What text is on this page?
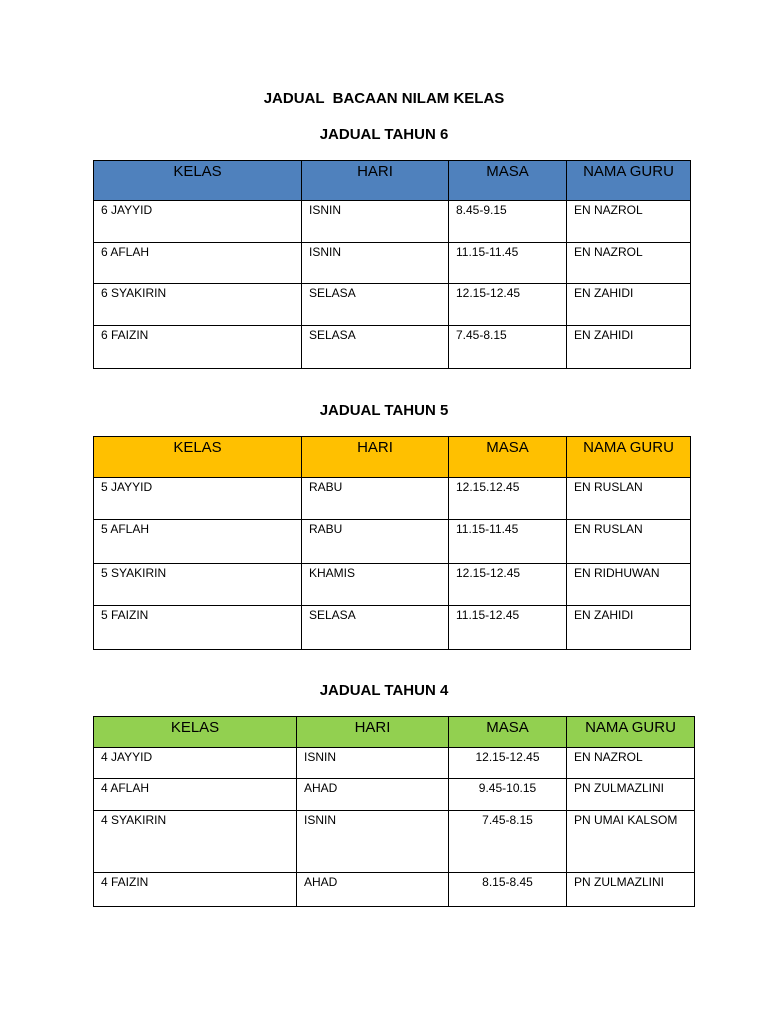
JADUAL  BACAAN NILAM KELAS
JADUAL TAHUN 6
KELAS	HARI	MASA	NAMA GURU
6 JAYYID	ISNIN	8.45-9.15	EN NAZROL
6 AFLAH	ISNIN	11.15-11.45	EN NAZROL
6 SYAKIRIN	SELASA	12.15-12.45	EN ZAHIDI
6 FAIZIN	SELASA	7.45-8.15	EN ZAHIDI
JADUAL TAHUN 5
KELAS	HARI	MASA	NAMA GURU
5 JAYYID	RABU	12.15.12.45	EN RUSLAN
5 AFLAH	RABU	11.15-11.45	EN RUSLAN
5 SYAKIRIN	KHAMIS	12.15-12.45	EN RIDHUWAN
5 FAIZIN	SELASA	11.15-12.45	EN ZAHIDI
JADUAL TAHUN 4
KELAS	HARI	MASA	NAMA GURU
4 JAYYID	ISNIN	12.15-12.45	EN NAZROL
4 AFLAH	AHAD	9.45-10.15	PN ZULMAZLINI
4 SYAKIRIN	ISNIN	7.45-8.15	PN UMAI KALSOM
4 FAIZIN	AHAD	8.15-8.45	PN ZULMAZLINI
